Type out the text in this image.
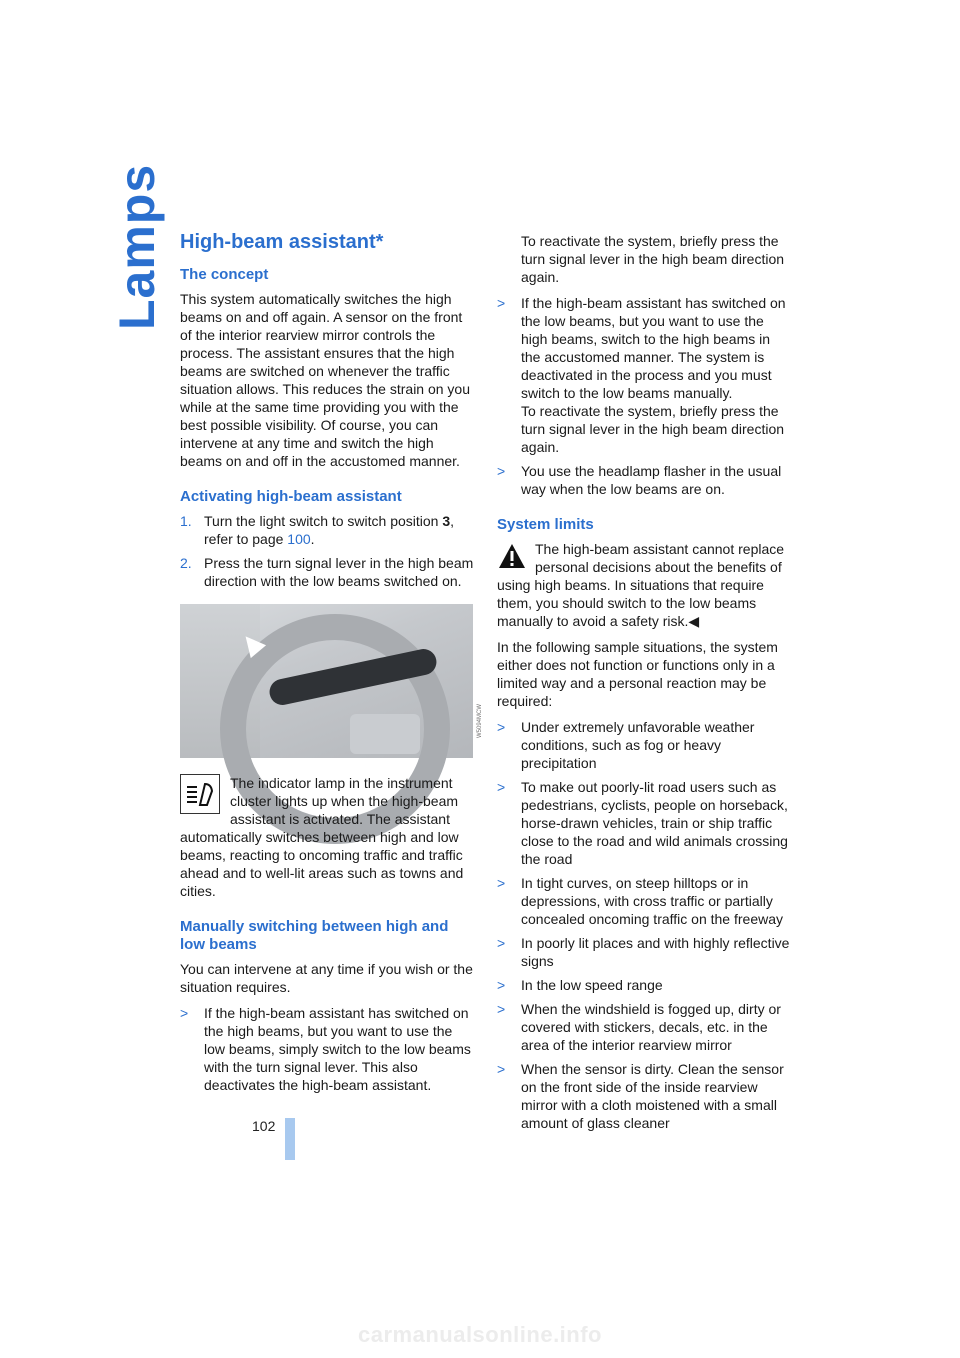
Lamps High-beam assistant*
The concept

This system automatically switches the high beams on and off again. A sensor on the front of the interior rearview mirror controls the process. The assistant ensures that the high beams are switched on whenever the traffic situation allows. This reduces the strain on you while at the same time providing you with the best possible visibility. Of course, you can intervene at any time and switch the high beams on and off in the accustomed manner.

Activating high-beam assistant
1. Turn the light switch to switch position 3, refer to page 100.
2. Press the turn signal lever in the high beam direction with the low beams switched on.
W5094MCW

The indicator lamp in the instrument cluster lights up when the high-beam assistant is activated. The assistant automatically switches between high and low beams, reacting to oncoming traffic and traffic ahead and to well-lit areas such as towns and cities.

Manually switching between high and low beams

You can intervene at any time if you wish or the situation requires.

>	If the high-beam assistant has switched on the high beams, but you want to use the low beams, simply switch to the low beams with the turn signal lever. This also deactivates the high-beam assistant.

To reactivate the system, briefly press the turn signal lever in the high beam direction again.

>	If the high-beam assistant has switched on the low beams, but you want to use the high beams, switch to the high beams in the accustomed manner. The system is deactivated in the process and you must switch to the low beams manually.
To reactivate the system, briefly press the turn signal lever in the high beam direction again.
>	You use the headlamp flasher in the usual way when the low beams are on.
System limits

The high-beam assistant cannot replace personal decisions about the benefits of using high beams. In situations that require them, you should switch to the low beams manually to avoid a safety risk.◀

In the following sample situations, the system either does not function or functions only in a limited way and a personal reaction may be required:

>	Under extremely unfavorable weather conditions, such as fog or heavy precipitation
>	To make out poorly-lit road users such as pedestrians, cyclists, people on horseback, horse-drawn vehicles, train or ship traffic close to the road and wild animals crossing the road
>	In tight curves, on steep hilltops or in depressions, with cross traffic or partially concealed oncoming traffic on the freeway
>	In poorly lit places and with highly reflective signs
>	In the low speed range
>	When the windshield is fogged up, dirty or covered with stickers, decals, etc. in the area of the interior rearview mirror
>	When the sensor is dirty. Clean the sensor on the front side of the inside rearview mirror with a cloth moistened with a small amount of glass cleaner
102
carmanualsonline.info
